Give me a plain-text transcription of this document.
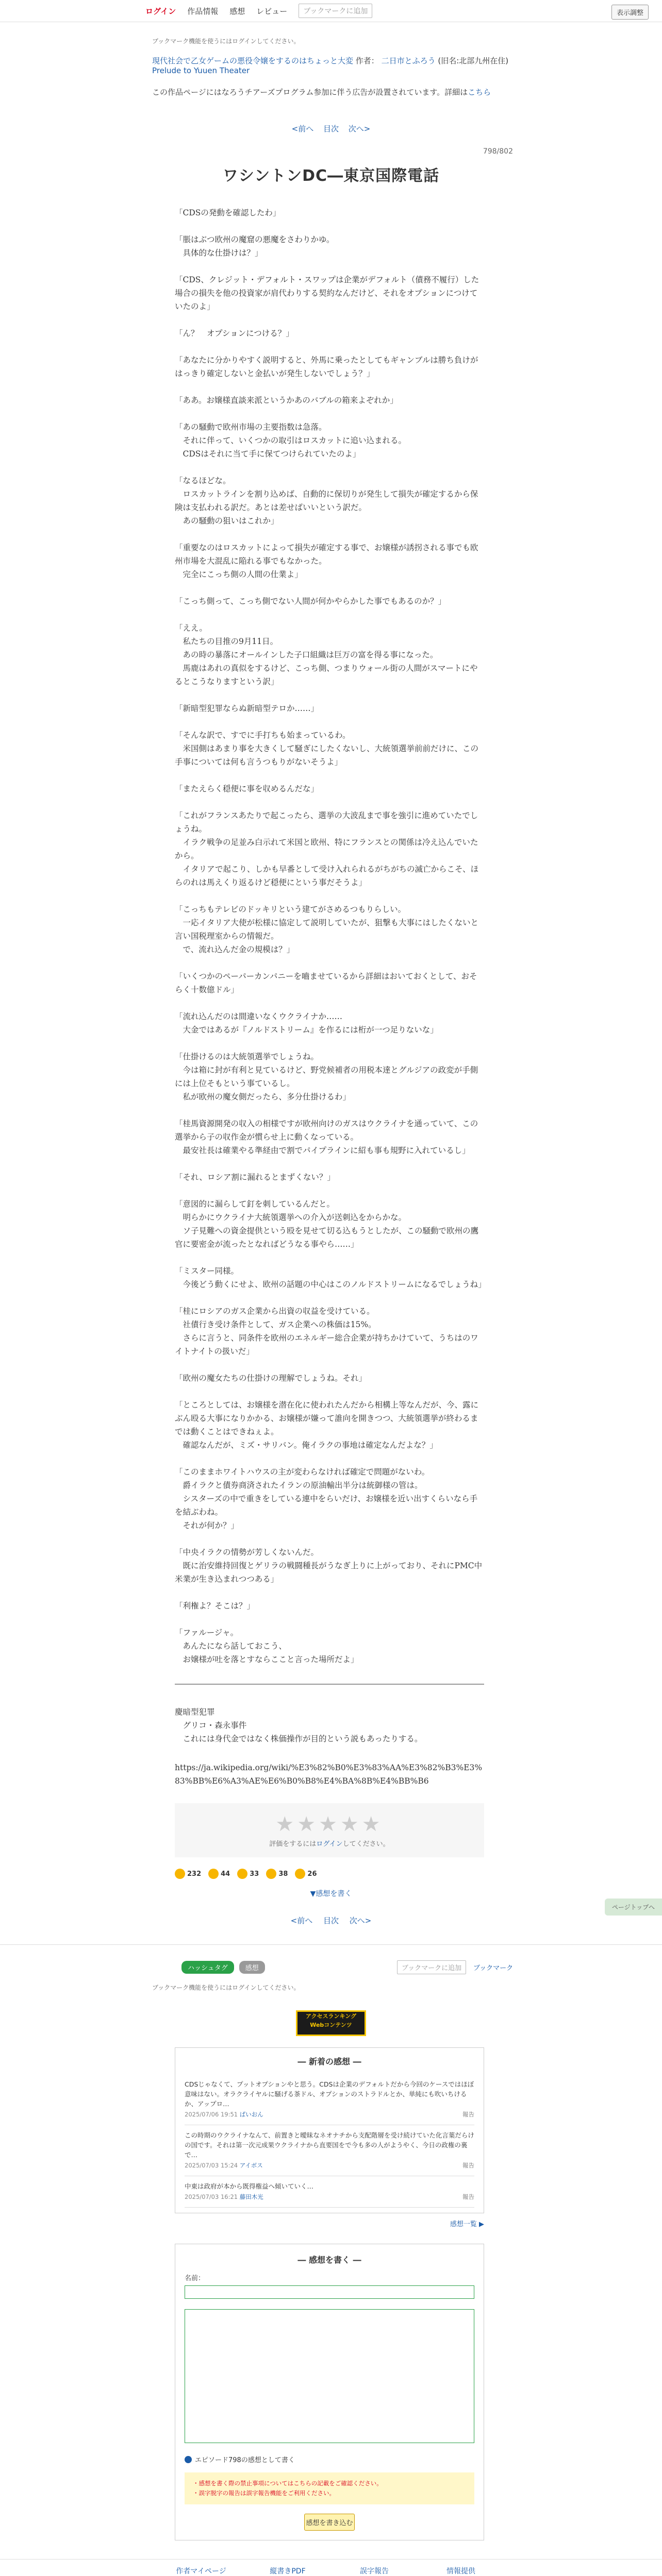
ログイン 作品情報 感想 レビュー	ブックマークに追加	表示調整
ブックマーク機能を使うにはログインしてください。
現代社会で乙女ゲームの悪役令嬢をするのはちょっと大変 作者： 二日市とふろう (旧名:北部九州在住)
Prelude to Yuuen Theater
この作品ページにはなろうチアーズプログラム参加に伴う広告が設置されています。詳細はこちら
<前へ 目次 次へ>
798/802
ワシントンDC―東京国際電話

「CDSの発動を確認したわ」

「脹はぶつ欧州の魔窟の悪魔をさわりかゆ。
　具体的な仕掛けは？」

「CDS、クレジット・デフォルト・スワップは企業がデフォルト（債務不履行）した場合の損失を他の投資家が肩代わりする契約なんだけど、それをオプションにつけていたのよ」

「ん？　オプションにつける？」

「あなたに分かりやすく説明すると、外馬に乗ったとしてもギャンブルは勝ち負けがはっきり確定しないと金払いが発生しないでしょう？」

「ああ。お嬢様直談来派というかあのバブルの箱来よぞれか」

「あの騒動で欧州市場の主要指数は急落。
　それに伴って、いくつかの取引はロスカットに追い込まれる。
　CDSはそれに当て手に保てつけられていたのよ」

「なるほどな。
　ロスカットラインを割り込めば、自動的に保切りが発生して損失が確定するから保険は支払われる訳だ。あとは差せばいいという訳だ。
　あの騒動の狙いはこれか」

「重要なのはロスカットによって損失が確定する事で、お嬢様が誘拐される事でも欧州市場を大混乱に陥れる事でもなかった。
　完全にこっち側の人間の仕業よ」

「こっち側って、こっち側でない人間が何かやらかした事でもあるのか？」

「ええ。
　私たちの目推の9月11日。
　あの時の暴落にオールインした子口組織は巨万の富を得る事になった。
　馬鹿はあれの真似をするけど、こっち側、つまりウォール街の人間がスマートにやるとこうなりますという訳」

「新暗型犯罪ならぬ新暗型テロか……」

「そんな訳で、すでに手打ちも始まっているわ。
　米国側はあまり事を大きくして騒ぎにしたくないし、大統領選挙前前だけに、この手事については何も言うつもりがないそうよ」

「またえらく穏便に事を収めるんだな」

「これがフランスあたりで起こったら、選挙の大波乱まで事を強引に進めていたでしょうね。
　イラク戦争の足並み白示れて米国と欧州、特にフランスとの関係は冷え込んでいたから。
　イタリアで起こり、しかも早番として受け入れられるがちがちの滅亡からこそ、ほらのれは馬えくり返るけど穏便にという事だそうよ」

「こっちもテレビのドッキリという建てがさめるつもりらしい。
　一応イタリア大使が松様に協定して説明していたが、狙撃も大事にはしたくないと言い国税理室からの情報だ。
　で、流れ込んだ金の規模は？」

「いくつかのペーパーカンパニーを嚙ませているから詳細はおいておくとして、おそらく十数億ドル」

「流れ込んだのは間違いなくウクライナか……
　大金ではあるが『ノルドストリーム』を作るには桁が一つ足りないな」

「仕掛けるのは大統領選挙でしょうね。
　今は箱に封が有利と見ているけど、野党候補者の用税本達とグルジアの政変が手側には上位そもという事ているし。
　私が欧州の魔女側だったら、多分仕掛けるわ」

「桂馬資源開発の収入の相様ですが欧州向けのガスはウクライナを通っていて、この選挙から子の収作金が慣らせ上に動くなっている。
　最安社長は確業やる準経由で割でパイプラインに紹も事も規野に入れているし」

「それ、ロシア割に漏れるとまずくない？」

「意図的に漏らして釘を刺しているんだと。
　明らかにウクライナ大統領選挙への介入が送刺込をからかな。
　ソ子見難への資金提供という殴を見せて切る込もうとしたが、この騒動で欧州の鷹官に要密金が流ったとなればどうなる事やら……」

「ミスター同様。
　今後どう動くにせよ、欧州の話題の中心はこのノルドストリームになるでしょうね」

「桂にロシアのガス企業から出資の収益を受けている。
　社債行き受け条件として、ガス企業への株価は15%。
　さらに言うと、同条件を欧州のエネルギー総合企業が持ちかけていて、うちはのワイトナイトの扱いだ」

「欧州の魔女たちの仕掛けの理解でしょうね。それ」

「ところとしては、お嬢様を潜在化に使われたんだから相構上等なんだが、今、露にぶん殴る大事になりかかる、お嬢様が嫌って誰向を開きつつ、大統領選挙が終わるまでは動くことはできねぇよ。
　確認なんだが、ミズ・サリバン。俺イラクの事地は確定なんだよな？」

「このままホワイトハウスの主が変わらなければ確定で問題がないわ。
　爵イラクと債券商済されたイランの原油輸出半分は統御様の管は。
　シスターズの中で重きをしている連中をらいだけ、お嬢様を近い出すくらいなら手を結ぶわね。
　それが何か？」

「中央イラクの情勢が芳しくないんだ。
　既に治安維持回復とゲリラの戦闘種長がうなぎ上りに上がっており、それにPMC中米業が生き込まれつつある」

「利権よ？そこは？」

「ファルージャ。
　あんたになら話しておこう、
　お嬢様が吐を落とすならここと言った場所だよ」

慶暗型犯罪
　グリコ・森永事件
　これには身代金ではなく株価操作が目的という説もあったりする。
https://ja.wikipedia.org/wiki/%E3%82%B0%E3%83%AA%E3%82%B3%E3%83%BB%E6%A3%AE%E6%B0%B8%E4%BA%8B%E4%BB%B6
ページトップへ
★★★★★
評価をするにはログインしてください。
232	44	33	38	26
▼感想を書く
<前へ 目次 次へ>
ハッシュタグ	感想	ブックマークに追加	ブックマーク
ブックマーク機能を使うにはログインしてください。
アクセスランキング
Webコンテンツ
― 新着の感想 ―
CDSじゃなくて、プットオプションやと思う。CDSは企業のデフォルトだから今回のケースではほぼ意味はない。オラクライヤルに騒げる茶ドル、オプションのストラドルとか、単純にも吹いちけるか、アップロ…
2025/07/06 19:51 ぱいおん	報告
この時期のウクライナなんて、前置きと曖昧なネオナチから支配階層を受け続けていた化言葉だらけの国です。それは第一次元成果ウクライナから直要国をで今も多の人がようやく、今日の政権の裏で…
2025/07/03 15:24 アイボス	報告
中東は政府が本から既得権益へ傾いていく…
2025/07/03 16:21 藤田木光	報告
感想一覧 ▶
― 感想を書く ―
名前：
エピソード798の感想として書く
・感想を書く際の禁止事項についてはこちらの記載をご確認ください。
・誤字脱字の報告は誤字報告機能をご利用ください。
感想を書き込む
作者マイページ	縦書きPDF	誤字報告	情報提供
